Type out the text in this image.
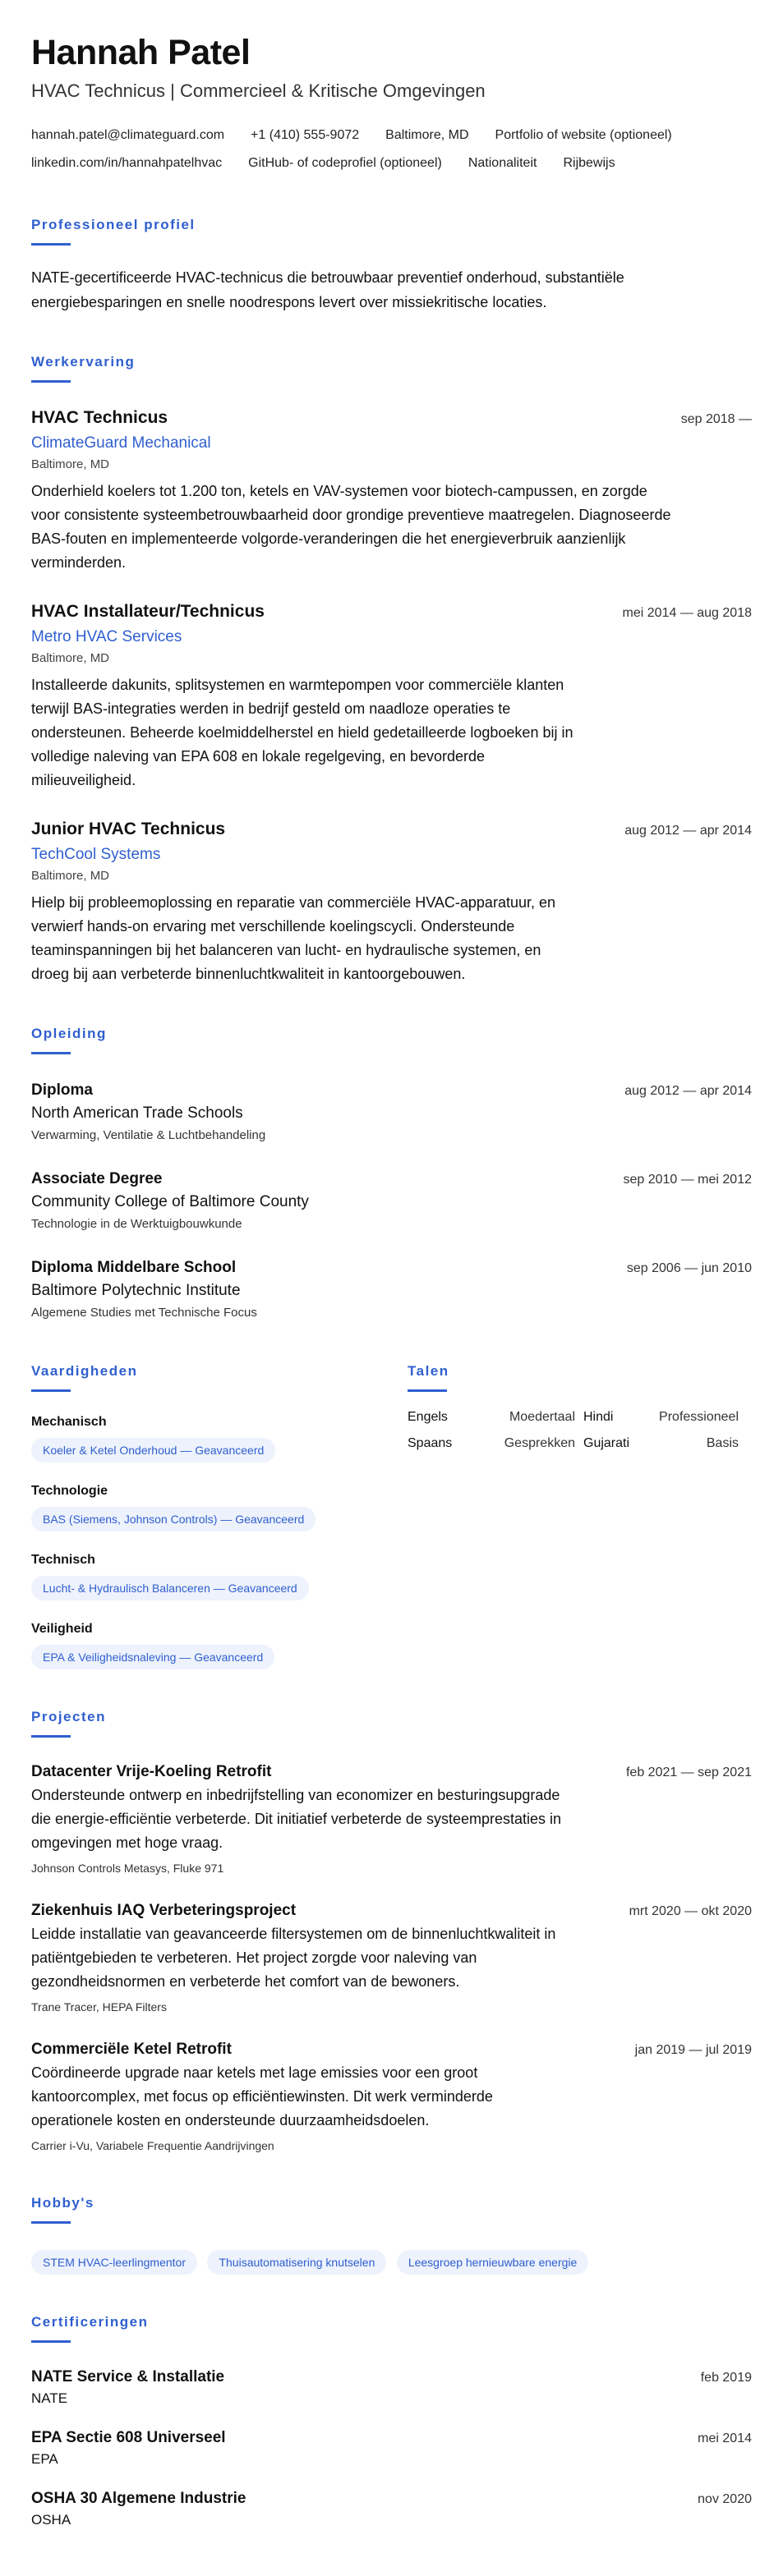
Hannah Patel
HVAC Technicus | Commercieel & Kritische Omgevingen
hannah.patel@climateguard.com +1 (410) 555-9072 Baltimore, MD Portfolio of website (optioneel)
linkedin.com/in/hannahpatelhvac GitHub- of codeprofiel (optioneel) Nationaliteit Rijbewijs
Professioneel profiel
NATE-gecertificeerde HVAC-technicus die betrouwbaar preventief onderhoud, substantiële energiebesparingen en snelle noodrespons levert over missiekritische locaties.
Werkervaring
HVAC Technicus	sep 2018 —
ClimateGuard Mechanical
Baltimore, MD
Onderhield koelers tot 1.200 ton, ketels en VAV-systemen voor biotech-campussen, en zorgde voor consistente systeembetrouwbaarheid door grondige preventieve maatregelen. Diagnoseerde BAS-fouten en implementeerde volgorde-veranderingen die het energieverbruik aanzienlijk verminderden.
HVAC Installateur/Technicus	mei 2014 — aug 2018
Metro HVAC Services
Baltimore, MD
Installeerde dakunits, splitsystemen en warmtepompen voor commerciële klanten terwijl BAS-integraties werden in bedrijf gesteld om naadloze operaties te ondersteunen. Beheerde koelmiddelherstel en hield gedetailleerde logboeken bij in volledige naleving van EPA 608 en lokale regelgeving, en bevorderde milieuveiligheid.
Junior HVAC Technicus	aug 2012 — apr 2014
TechCool Systems
Baltimore, MD
Hielp bij probleemoplossing en reparatie van commerciële HVAC-apparatuur, en verwierf hands-on ervaring met verschillende koelingscycli. Ondersteunde teaminspanningen bij het balanceren van lucht- en hydraulische systemen, en droeg bij aan verbeterde binnenluchtkwaliteit in kantoorgebouwen.
Opleiding
Diploma	aug 2012 — apr 2014
North American Trade Schools
Verwarming, Ventilatie & Luchtbehandeling
Associate Degree	sep 2010 — mei 2012
Community College of Baltimore County
Technologie in de Werktuigbouwkunde
Diploma Middelbare School	sep 2006 — jun 2010
Baltimore Polytechnic Institute
Algemene Studies met Technische Focus
Vaardigheden
Mechanisch
Koeler & Ketel Onderhoud — Geavanceerd
Technologie
BAS (Siemens, Johnson Controls) — Geavanceerd
Technisch
Lucht- & Hydraulisch Balanceren — Geavanceerd
Veiligheid
EPA & Veiligheidsnaleving — Geavanceerd
Talen
Engels	Moedertaal Hindi	Professioneel
Spaans	Gesprekken Gujarati	Basis
Projecten
Datacenter Vrije-Koeling Retrofit	feb 2021 — sep 2021
Ondersteunde ontwerp en inbedrijfstelling van economizer en besturingsupgrade die energie-efficiëntie verbeterde. Dit initiatief verbeterde de systeemprestaties in omgevingen met hoge vraag.
Johnson Controls Metasys, Fluke 971
Ziekenhuis IAQ Verbeteringsproject	mrt 2020 — okt 2020
Leidde installatie van geavanceerde filtersystemen om de binnenluchtkwaliteit in patiëntgebieden te verbeteren. Het project zorgde voor naleving van gezondheidsnormen en verbeterde het comfort van de bewoners.
Trane Tracer, HEPA Filters
Commerciële Ketel Retrofit	jan 2019 — jul 2019
Coördineerde upgrade naar ketels met lage emissies voor een groot kantoorcomplex, met focus op efficiëntiewinsten. Dit werk verminderde operationele kosten en ondersteunde duurzaamheidsdoelen.
Carrier i-Vu, Variabele Frequentie Aandrijvingen
Hobby's
STEM HVAC-leerlingmentor	Thuisautomatisering knutselen	Leesgroep hernieuwbare energie
Certificeringen
NATE Service & Installatie	feb 2019
NATE
EPA Sectie 608 Universeel	mei 2014
EPA
OSHA 30 Algemene Industrie	nov 2020
OSHA
